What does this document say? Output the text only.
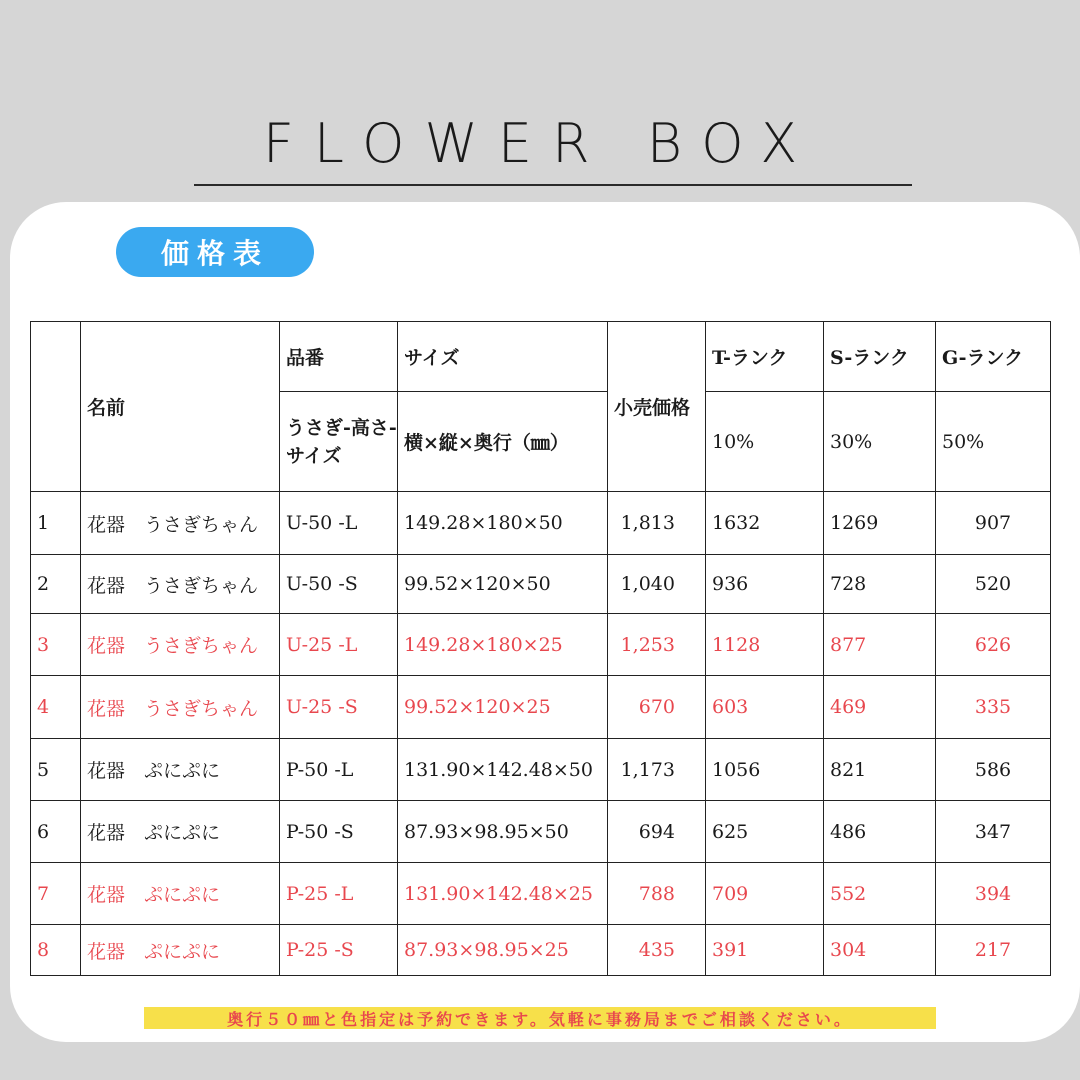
FLOWER BOX
価格表
	名前	品番	サイズ	小売価格	T-ランク	S-ランク	G-ランク
		うさぎ-高さ-サイズ	横×縦×奥行（㎜）		10%	30%	50%
1	花器　うさぎちゃん	U-50 -L	149.28×180×50	1,813	1632	1269	907
2	花器　うさぎちゃん	U-50 -S	99.52×120×50	1,040	936	728	520
3	花器　うさぎちゃん	U-25 -L	149.28×180×25	1,253	1128	877	626
4	花器　うさぎちゃん	U-25 -S	99.52×120×25	670	603	469	335
5	花器　ぷにぷに	P-50 -L	131.90×142.48×50	1,173	1056	821	586
6	花器　ぷにぷに	P-50 -S	87.93×98.95×50	694	625	486	347
7	花器　ぷにぷに	P-25 -L	131.90×142.48×25	788	709	552	394
8	花器　ぷにぷに	P-25 -S	87.93×98.95×25	435	391	304	217
奥行５０㎜と色指定は予約できます。気軽に事務局までご相談ください。
